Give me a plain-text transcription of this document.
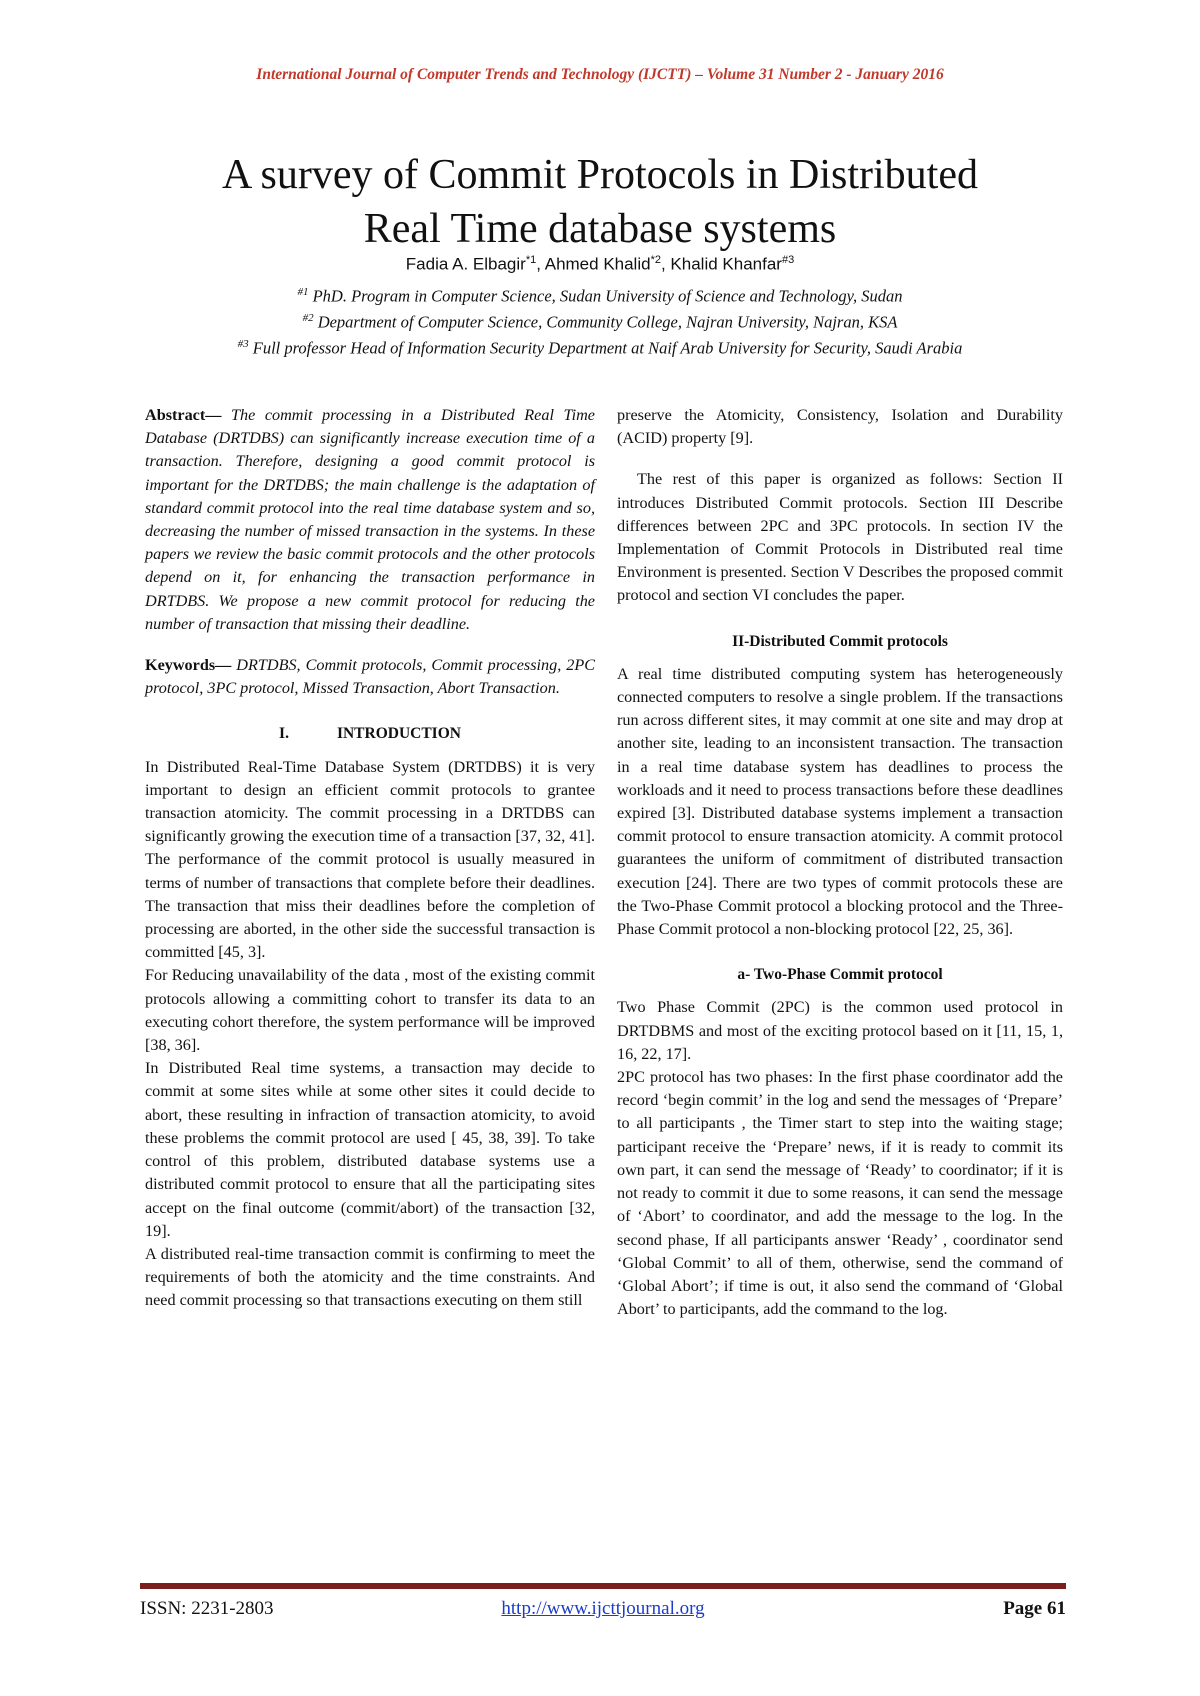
International Journal of Computer Trends and Technology (IJCTT) – Volume 31 Number 2 - January 2016
A survey of Commit Protocols in Distributed
Real Time database systems
Fadia A. Elbagir$^{*1}$, Ahmed Khalid$^{*2}$, Khalid Khanfar$^{\#3}$
$^{\#1}$ PhD. Program in Computer Science, Sudan University of Science and Technology, Sudan
$^{\#2}$ Department of Computer Science, Community College, Najran University, Najran, KSA
$^{\#3}$ Full professor Head of Information Security Department at Naif Arab University for Security, Saudi Arabia

Abstract— The commit processing in a Distributed Real Time Database (DRTDBS) can significantly increase execution time of a transaction. Therefore, designing a good commit protocol is important for the DRTDBS; the main challenge is the adaptation of standard commit protocol into the real time database system and so, decreasing the number of missed transaction in the systems. In these papers we review the basic commit protocols and the other protocols depend on it, for enhancing the transaction performance in DRTDBS. We propose a new commit protocol for reducing the number of transaction that missing their deadline.

Keywords— DRTDBS, Commit protocols, Commit processing, 2PC protocol, 3PC protocol, Missed Transaction, Abort Transaction.

I.	INTRODUCTION

In Distributed Real-Time Database System (DRTDBS) it is very important to design an efficient commit protocols to grantee transaction atomicity. The commit processing in a DRTDBS can significantly growing the execution time of a transaction [37, 32, 41]. The performance of the commit protocol is usually measured in terms of number of transactions that complete before their deadlines. The transaction that miss their deadlines before the completion of processing are aborted, in the other side the successful transaction is committed [45, 3].

For Reducing unavailability of the data , most of the existing commit protocols allowing a committing cohort to transfer its data to an executing cohort therefore, the system performance will be improved [38, 36].

In Distributed Real time systems, a transaction may decide to commit at some sites while at some other sites it could decide to abort, these resulting in infraction of transaction atomicity, to avoid these problems the commit protocol are used [ 45, 38, 39]. To take control of this problem, distributed database systems use a distributed commit protocol to ensure that all the participating sites accept on the final outcome (commit/abort) of the transaction [32, 19].

A distributed real-time transaction commit is confirming to meet the requirements of both the atomicity and the time constraints. And need commit processing so that transactions executing on them still

preserve the Atomicity, Consistency, Isolation and Durability (ACID) property [9].

The rest of this paper is organized as follows: Section II introduces Distributed Commit protocols. Section III Describe differences between 2PC and 3PC protocols. In section IV the Implementation of Commit Protocols in Distributed real time Environment is presented. Section V Describes the proposed commit protocol and section VI concludes the paper.

II-Distributed Commit protocols

A real time distributed computing system has heterogeneously connected computers to resolve a single problem. If the transactions run across different sites, it may commit at one site and may drop at another site, leading to an inconsistent transaction. The transaction in a real time database system has deadlines to process the workloads and it need to process transactions before these deadlines expired [3]. Distributed database systems implement a transaction commit protocol to ensure transaction atomicity. A commit protocol guarantees the uniform of commitment of distributed transaction execution [24]. There are two types of commit protocols these are the Two-Phase Commit protocol a blocking protocol and the Three-Phase Commit protocol a non-blocking protocol [22, 25, 36].

a- Two-Phase Commit protocol

Two Phase Commit (2PC) is the common used protocol in DRTDBMS and most of the exciting protocol based on it [11, 15, 1, 16, 22, 17].

2PC protocol has two phases: In the first phase coordinator add the record ‘begin commit’ in the log and send the messages of ‘Prepare’ to all participants , the Timer start to step into the waiting stage; participant receive the ‘Prepare’ news, if it is ready to commit its own part, it can send the message of ‘Ready’ to coordinator; if it is not ready to commit it due to some reasons, it can send the message of ‘Abort’ to coordinator, and add the message to the log. In the second phase, If all participants answer ‘Ready’ , coordinator send ‘Global Commit’ to all of them, otherwise, send the command of ‘Global Abort’; if time is out, it also send the command of ‘Global Abort’ to participants, add the command to the log.

ISSN: 2231-2803	http://www.ijcttjournal.org	Page 61
